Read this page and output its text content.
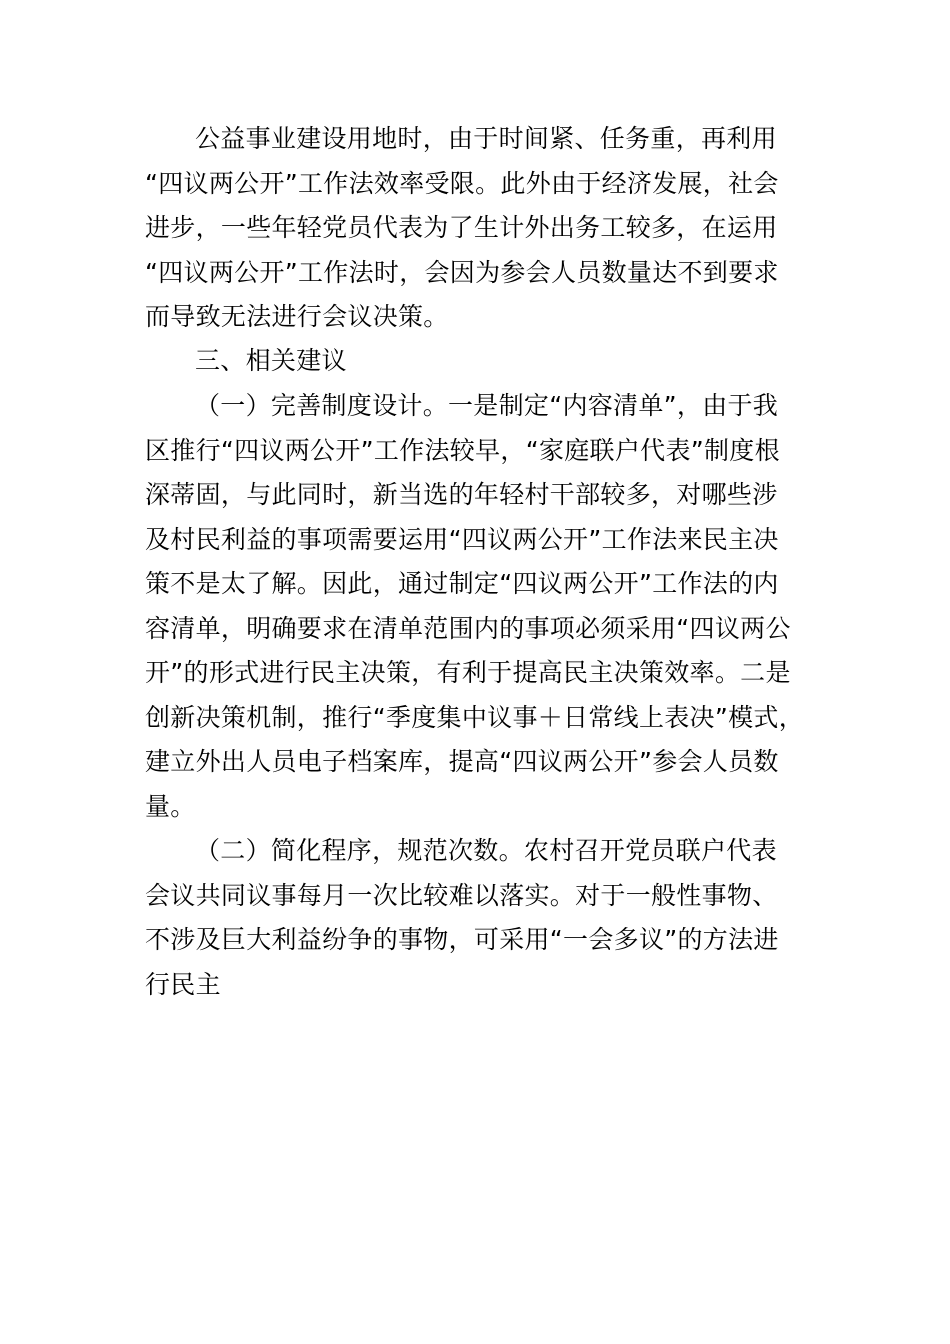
公益事业建设用地时，由于时间紧、任务重，再利用
“四议两公开”工作法效率受限。此外由于经济发展，社会
进步，一些年轻党员代表为了生计外出务工较多，在运用
“四议两公开”工作法时，会因为参会人员数量达不到要求
而导致无法进行会议决策。
三、相关建议
（一）完善制度设计。一是制定“内容清单”，由于我
区推行“四议两公开”工作法较早，“家庭联户代表”制度根
深蒂固，与此同时，新当选的年轻村干部较多，对哪些涉
及村民利益的事项需要运用“四议两公开”工作法来民主决
策不是太了解。因此，通过制定“四议两公开”工作法的内
容清单，明确要求在清单范围内的事项必须采用“四议两公
开”的形式进行民主决策，有利于提高民主决策效率。二是
创新决策机制，推行“季度集中议事＋日常线上表决”模式，
建立外出人员电子档案库，提高“四议两公开”参会人员数
量。
（二）简化程序，规范次数。农村召开党员联户代表
会议共同议事每月一次比较难以落实。对于一般性事物、
不涉及巨大利益纷争的事物，可采用“一会多议”的方法进
行民主
